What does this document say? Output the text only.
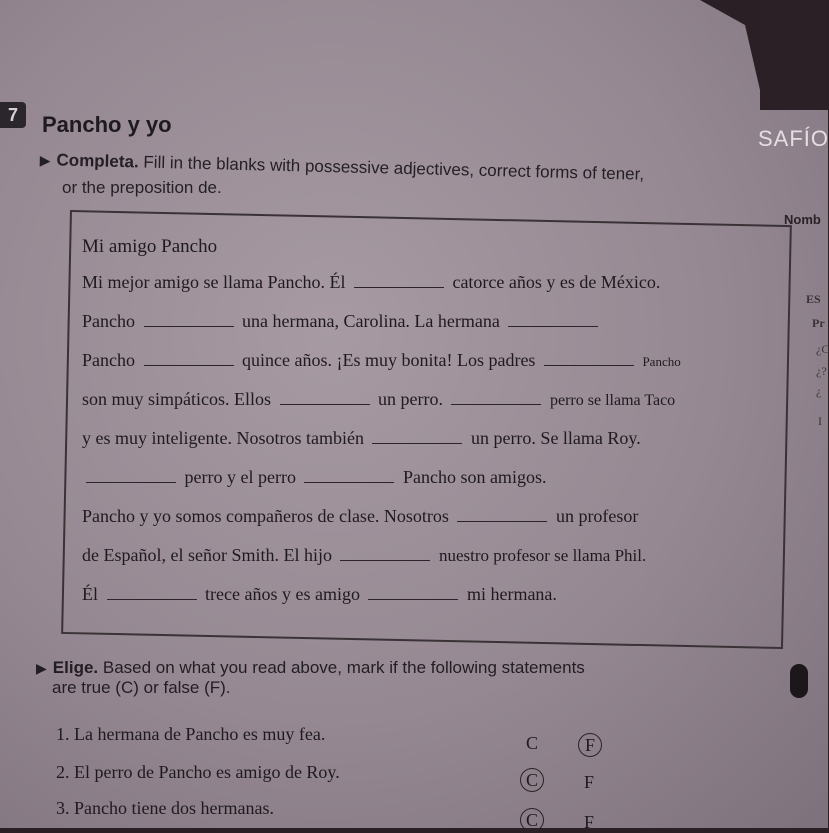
7	Pancho y yo
SAFÍO
▶ Completa. Fill in the blanks with possessive adjectives, correct forms of tener,
or the preposition de.
Nomb
ES
Pr
¿C
¿?
¿
I
Mi amigo Pancho
Mi mejor amigo se llama Pancho. Él	catorce años y es de México.
Pancho	una hermana, Carolina. La hermana
Pancho	quince años. ¡Es muy bonita! Los padres	Pancho
son muy simpáticos. Ellos	un perro.	perro se llama Taco
y es muy inteligente. Nosotros también	un perro. Se llama Roy.
perro y el perro	Pancho son amigos.
Pancho y yo somos compañeros de clase. Nosotros	un profesor
de Español, el señor Smith. El hijo	nuestro profesor se llama Phil.
Él	trece años y es amigo	mi hermana.
▶ Elige. Based on what you read above, mark if the following statements
are true (C) or false (F).
1. La hermana de Pancho es muy fea.	C	F
2. El perro de Pancho es amigo de Roy.	C	F
3. Pancho tiene dos hermanas.
C	F
